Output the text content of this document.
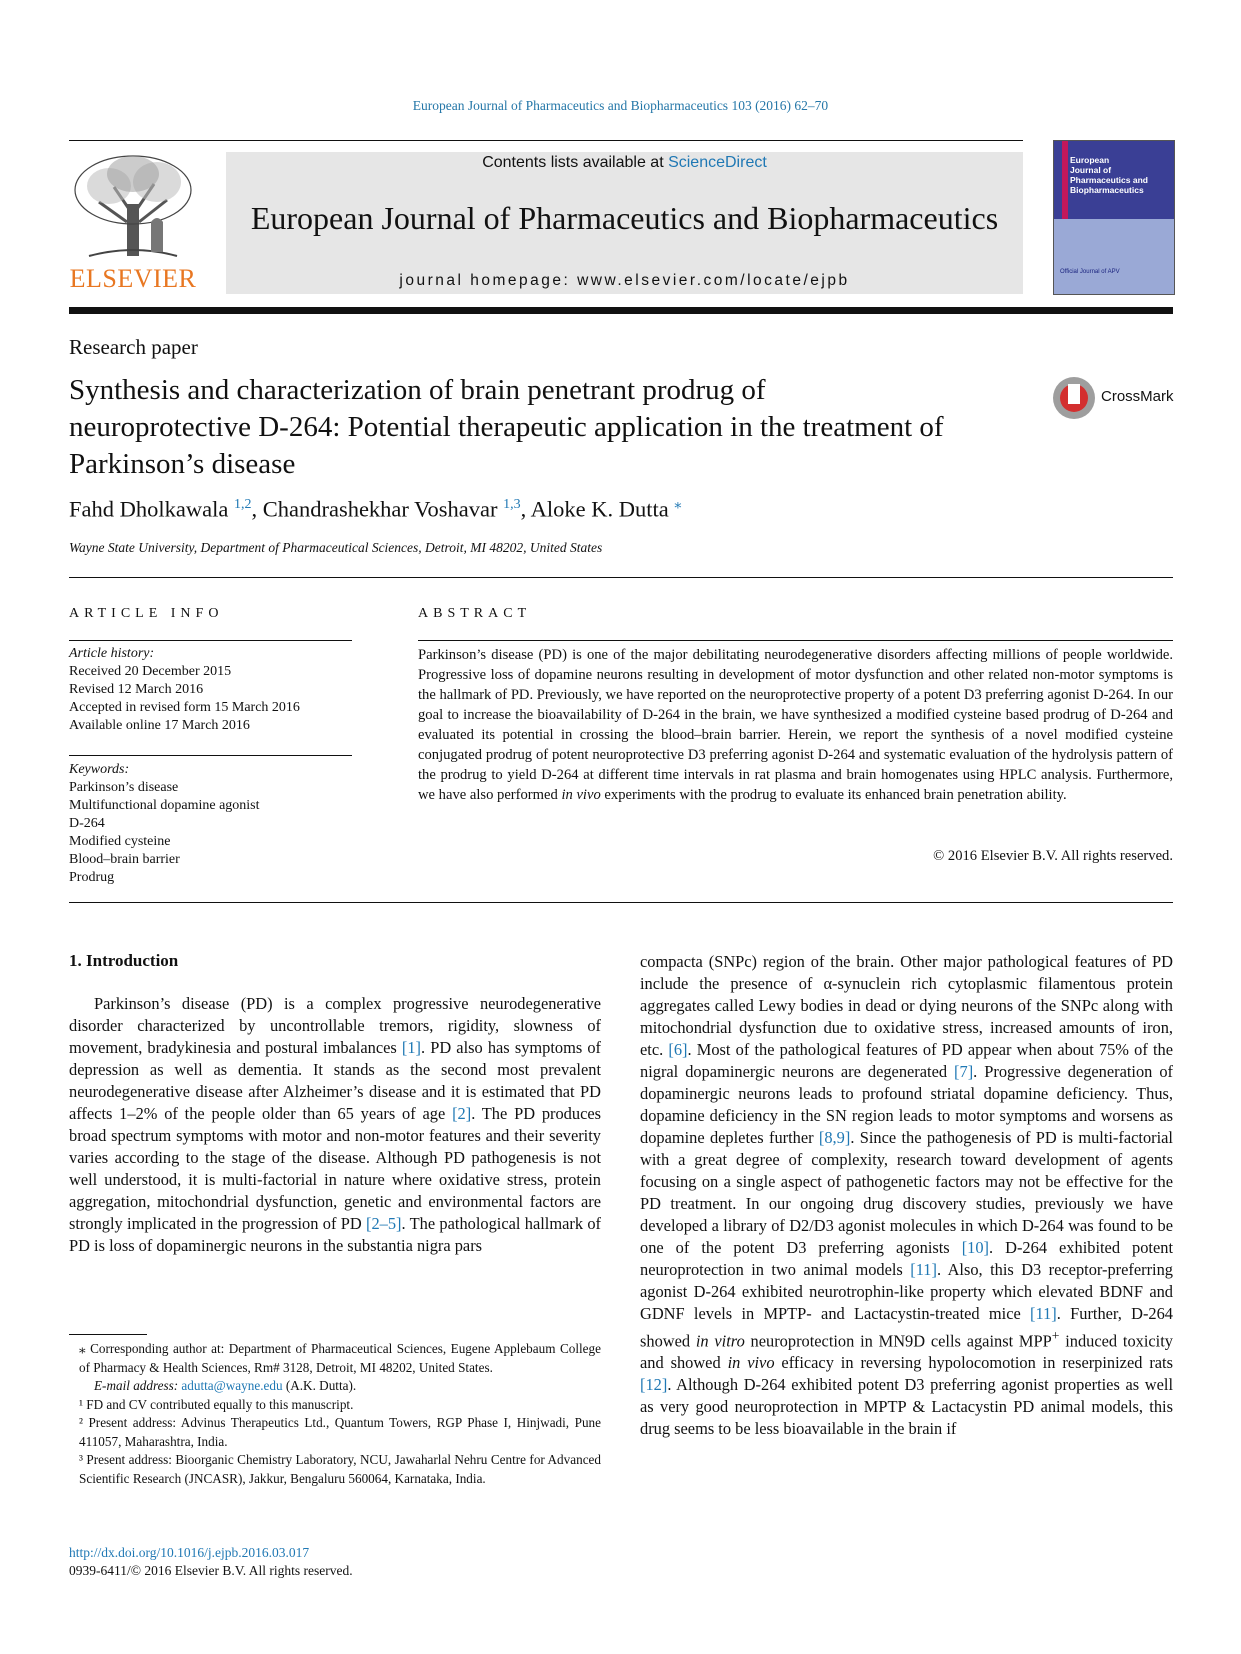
European Journal of Pharmaceutics and Biopharmaceutics 103 (2016) 62–70
ELSEVIER
Contents lists available at ScienceDirect
European Journal of Pharmaceutics and Biopharmaceutics
journal homepage: www.elsevier.com/locate/ejpb
European
Journal of
Pharmaceutics and
Biopharmaceutics
Official Journal of APV
Research paper
Synthesis and characterization of brain penetrant prodrug of neuroprotective D-264: Potential therapeutic application in the treatment of Parkinson’s disease
CrossMark
Fahd Dholkawala $^{1,2}$, Chandrashekhar Voshavar $^{1,3}$, Aloke K. Dutta ⁎
Wayne State University, Department of Pharmaceutical Sciences, Detroit, MI 48202, United States
ARTICLE INFO
Article history:
Received 20 December 2015
Revised 12 March 2016
Accepted in revised form 15 March 2016
Available online 17 March 2016
Keywords:
Parkinson’s disease
Multifunctional dopamine agonist
D-264
Modified cysteine
Blood–brain barrier
Prodrug
ABSTRACT
Parkinson’s disease (PD) is one of the major debilitating neurodegenerative disorders affecting millions of people worldwide. Progressive loss of dopamine neurons resulting in development of motor dysfunction and other related non-motor symptoms is the hallmark of PD. Previously, we have reported on the neuroprotective property of a potent D3 preferring agonist D-264. In our goal to increase the bioavailability of D-264 in the brain, we have synthesized a modified cysteine based prodrug of D-264 and evaluated its potential in crossing the blood–brain barrier. Herein, we report the synthesis of a novel modified cysteine conjugated prodrug of potent neuroprotective D3 preferring agonist D-264 and systematic evaluation of the hydrolysis pattern of the prodrug to yield D-264 at different time intervals in rat plasma and brain homogenates using HPLC analysis. Furthermore, we have also performed in vivo experiments with the prodrug to evaluate its enhanced brain penetration ability.
© 2016 Elsevier B.V. All rights reserved.
1. Introduction

Parkinson’s disease (PD) is a complex progressive neurodegenerative disorder characterized by uncontrollable tremors, rigidity, slowness of movement, bradykinesia and postural imbalances [1]. PD also has symptoms of depression as well as dementia. It stands as the second most prevalent neurodegenerative disease after Alzheimer’s disease and it is estimated that PD affects 1–2% of the people older than 65 years of age [2]. The PD produces broad spectrum symptoms with motor and non-motor features and their severity varies according to the stage of the disease. Although PD pathogenesis is not well understood, it is multi-factorial in nature where oxidative stress, protein aggregation, mitochondrial dysfunction, genetic and environmental factors are strongly implicated in the progression of PD [2–5]. The pathological hallmark of PD is loss of dopaminergic neurons in the substantia nigra pars

compacta (SNPc) region of the brain. Other major pathological features of PD include the presence of α-synuclein rich cytoplasmic filamentous protein aggregates called Lewy bodies in dead or dying neurons of the SNPc along with mitochondrial dysfunction due to oxidative stress, increased amounts of iron, etc. [6]. Most of the pathological features of PD appear when about 75% of the nigral dopaminergic neurons are degenerated [7]. Progressive degeneration of dopaminergic neurons leads to profound striatal dopamine deficiency. Thus, dopamine deficiency in the SN region leads to motor symptoms and worsens as dopamine depletes further [8,9]. Since the pathogenesis of PD is multi-factorial with a great degree of complexity, research toward development of agents focusing on a single aspect of pathogenetic factors may not be effective for the PD treatment. In our ongoing drug discovery studies, previously we have developed a library of D2/D3 agonist molecules in which D-264 was found to be one of the potent D3 preferring agonists [10]. D-264 exhibited potent neuroprotection in two animal models [11]. Also, this D3 receptor-preferring agonist D-264 exhibited neurotrophin-like property which elevated BDNF and GDNF levels in MPTP- and Lactacystin-treated mice [11]. Further, D-264 showed in vitro neuroprotection in MN9D cells against MPP+ induced toxicity and showed in vivo efficacy in reversing hypolocomotion in reserpinized rats [12]. Although D-264 exhibited potent D3 preferring agonist properties as well as very good neuroprotection in MPTP & Lactacystin PD animal models, this drug seems to be less bioavailable in the brain if

⁎ Corresponding author at: Department of Pharmaceutical Sciences, Eugene Applebaum College of Pharmacy & Health Sciences, Rm# 3128, Detroit, MI 48202, United States.

E-mail address: adutta@wayne.edu (A.K. Dutta).

¹ FD and CV contributed equally to this manuscript.

² Present address: Advinus Therapeutics Ltd., Quantum Towers, RGP Phase I, Hinjwadi, Pune 411057, Maharashtra, India.

³ Present address: Bioorganic Chemistry Laboratory, NCU, Jawaharlal Nehru Centre for Advanced Scientific Research (JNCASR), Jakkur, Bengaluru 560064, Karnataka, India.

http://dx.doi.org/10.1016/j.ejpb.2016.03.017
0939-6411/© 2016 Elsevier B.V. All rights reserved.
